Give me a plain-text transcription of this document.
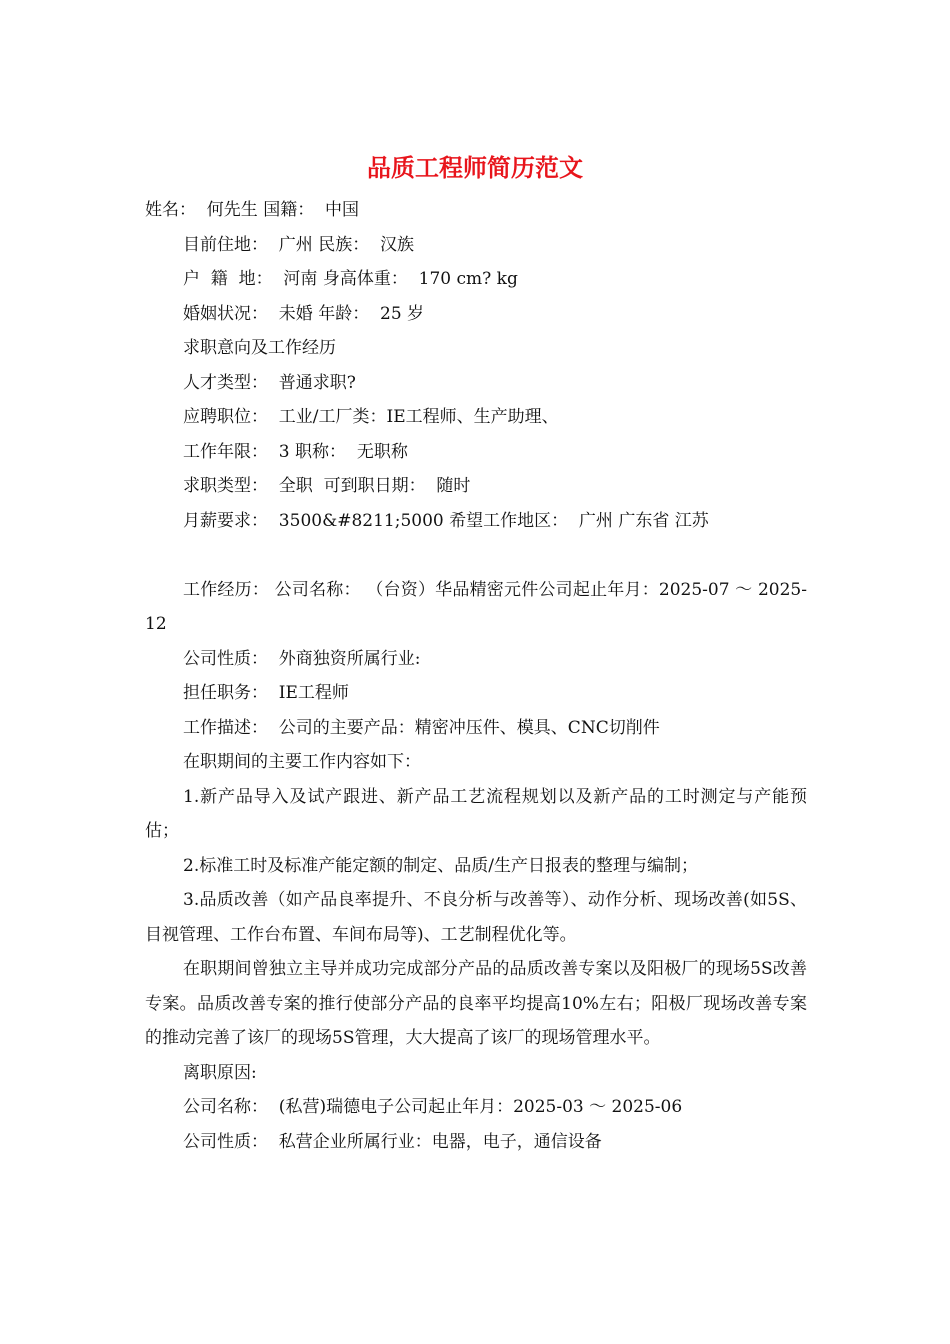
品质工程师简历范文

姓名：  何先生 国籍：  中国

目前住地：  广州 民族：  汉族

户  籍  地：  河南 身高体重：  170 cm? kg

婚姻状况：  未婚 年龄：  25 岁

求职意向及工作经历

人才类型：  普通求职?

应聘职位：  工业/工厂类：IE工程师、生产助理、

工作年限：  3 职称：  无职称

求职类型：  全职  可到职日期：  随时

月薪要求：  3500&#8211;5000 希望工作地区：  广州 广东省 江苏

工作经历： 公司名称： （台资）华品精密元件公司起止年月：2025-07 ～ 2025-12

公司性质：  外商独资所属行业:

担任职务：  IE工程师

工作描述：  公司的主要产品：精密冲压件、模具、CNC切削件

在职期间的主要工作内容如下：

1.新产品导入及试产跟进、新产品工艺流程规划以及新产品的工时测定与产能预估；

2.标准工时及标准产能定额的制定、品质/生产日报表的整理与编制；

3.品质改善（如产品良率提升、不良分析与改善等）、动作分析、现场改善(如5S、目视管理、工作台布置、车间布局等)、工艺制程优化等。

在职期间曾独立主导并成功完成部分产品的品质改善专案以及阳极厂的现场5S改善专案。品质改善专案的推行使部分产品的良率平均提高10%左右；阳极厂现场改善专案的推动完善了该厂的现场5S管理，大大提高了该厂的现场管理水平。

离职原因:

公司名称：  (私营)瑞德电子公司起止年月：2025-03 ～ 2025-06

公司性质：  私营企业所属行业：电器，电子，通信设备
